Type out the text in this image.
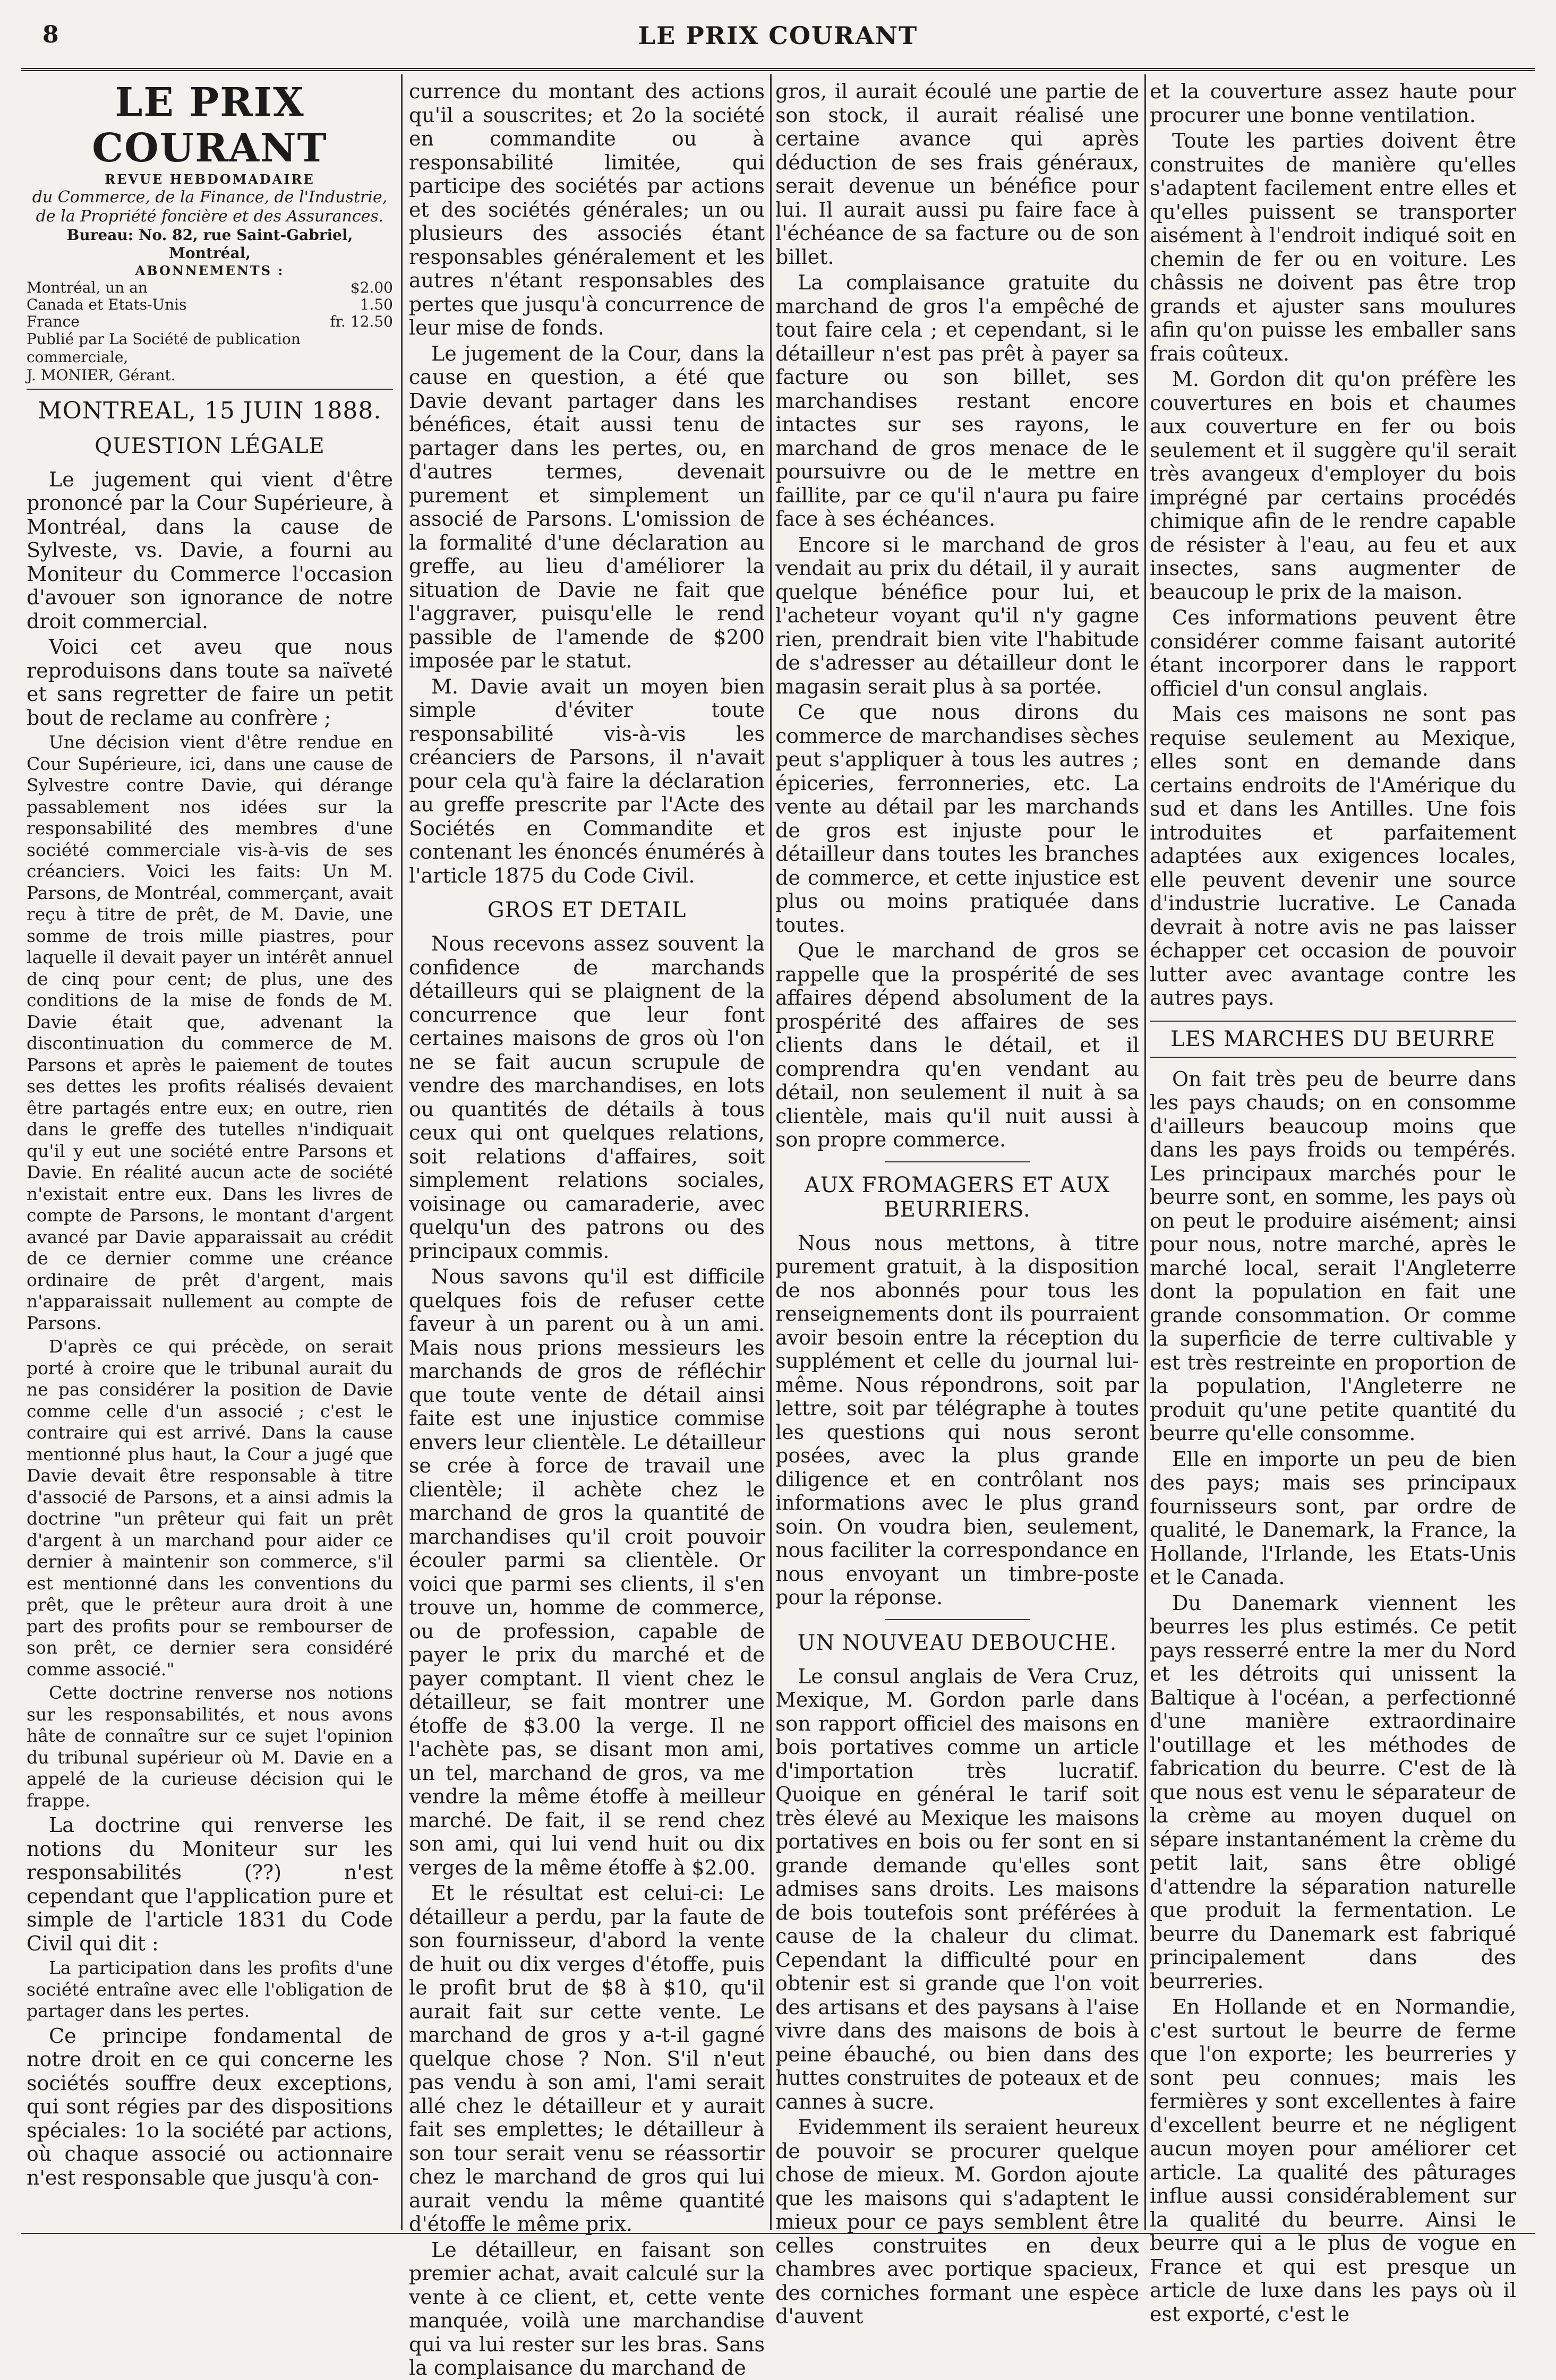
8	LE PRIX COURANT
LE PRIX COURANT
REVUE HEBDOMADAIRE
du Commerce, de la Finance, de l'Industrie, de la Propriété foncière et des Assurances.
Bureau: No. 82, rue Saint-Gabriel, Montréal,
ABONNEMENTS :
Montréal, un an	$2.00
Canada et Etats-Unis	1.50
France	fr. 12.50
Publié par La Société de publication commerciale,
J. MONIER, Gérant.
MONTREAL, 15 JUIN 1888.
QUESTION LÉGALE

Le jugement qui vient d'être prononcé par la Cour Supérieure, à Montréal, dans la cause de Sylveste, vs. Davie, a fourni au Moniteur du Commerce l'occasion d'avouer son ignorance de notre droit commercial.

Voici cet aveu que nous reproduisons dans toute sa naïveté et sans regretter de faire un petit bout de reclame au confrère ;

Une décision vient d'être rendue en Cour Supérieure, ici, dans une cause de Sylvestre contre Davie, qui dérange passablement nos idées sur la responsabilité des membres d'une société commerciale vis-à-vis de ses créanciers. Voici les faits: Un M. Parsons, de Montréal, commerçant, avait reçu à titre de prêt, de M. Davie, une somme de trois mille piastres, pour laquelle il devait payer un intérêt annuel de cinq pour cent; de plus, une des conditions de la mise de fonds de M. Davie était que, advenant la discontinuation du commerce de M. Parsons et après le paiement de toutes ses dettes les profits réalisés devaient être partagés entre eux; en outre, rien dans le greffe des tutelles n'indiquait qu'il y eut une société entre Parsons et Davie. En réalité aucun acte de société n'existait entre eux. Dans les livres de compte de Parsons, le montant d'argent avancé par Davie apparaissait au crédit de ce dernier comme une créance ordinaire de prêt d'argent, mais n'apparaissait nullement au compte de Parsons.

D'après ce qui précède, on serait porté à croire que le tribunal aurait du ne pas considérer la position de Davie comme celle d'un associé ; c'est le contraire qui est arrivé. Dans la cause mentionné plus haut, la Cour a jugé que Davie devait être responsable à titre d'associé de Parsons, et a ainsi admis la doctrine "un prêteur qui fait un prêt d'argent à un marchand pour aider ce dernier à maintenir son commerce, s'il est mentionné dans les conventions du prêt, que le prêteur aura droit à une part des profits pour se rembourser de son prêt, ce dernier sera considéré comme associé."

Cette doctrine renverse nos notions sur les responsabilités, et nous avons hâte de connaître sur ce sujet l'opinion du tribunal supérieur où M. Davie en a appelé de la curieuse décision qui le frappe.

La doctrine qui renverse les notions du Moniteur sur les responsabilités (??) n'est cependant que l'application pure et simple de l'article 1831 du Code Civil qui dit :

La participation dans les profits d'une société entraîne avec elle l'obligation de partager dans les pertes.

Ce principe fondamental de notre droit en ce qui concerne les sociétés souffre deux exceptions, qui sont régies par des dispositions spéciales: 1o la société par actions, où chaque associé ou actionnaire n'est responsable que jusqu'à con-

currence du montant des actions qu'il a souscrites; et 2o la société en commandite ou à responsabilité limitée, qui participe des sociétés par actions et des sociétés générales; un ou plusieurs des associés étant responsables généralement et les autres n'étant responsables des pertes que jusqu'à concurrence de leur mise de fonds.

Le jugement de la Cour, dans la cause en question, a été que Davie devant partager dans les bénéfices, était aussi tenu de partager dans les pertes, ou, en d'autres termes, devenait purement et simplement un associé de Parsons. L'omission de la formalité d'une déclaration au greffe, au lieu d'améliorer la situation de Davie ne fait que l'aggraver, puisqu'elle le rend passible de l'amende de $200 imposée par le statut.

M. Davie avait un moyen bien simple d'éviter toute responsabilité vis-à-vis les créanciers de Parsons, il n'avait pour cela qu'à faire la déclaration au greffe prescrite par l'Acte des Sociétés en Commandite et contenant les énoncés énumérés à l'article 1875 du Code Civil.

GROS ET DETAIL

Nous recevons assez souvent la confidence de marchands détailleurs qui se plaignent de la concurrence que leur font certaines maisons de gros où l'on ne se fait aucun scrupule de vendre des marchandises, en lots ou quantités de détails à tous ceux qui ont quelques relations, soit relations d'affaires, soit simplement relations sociales, voisinage ou camaraderie, avec quelqu'un des patrons ou des principaux commis.

Nous savons qu'il est difficile quelques fois de refuser cette faveur à un parent ou à un ami. Mais nous prions messieurs les marchands de gros de réfléchir que toute vente de détail ainsi faite est une injustice commise envers leur clientèle. Le détailleur se crée à force de travail une clientèle; il achète chez le marchand de gros la quantité de marchandises qu'il croit pouvoir écouler parmi sa clientèle. Or voici que parmi ses clients, il s'en trouve un, homme de commerce, ou de profession, capable de payer le prix du marché et de payer comptant. Il vient chez le détailleur, se fait montrer une étoffe de $3.00 la verge. Il ne l'achète pas, se disant mon ami, un tel, marchand de gros, va me vendre la même étoffe à meilleur marché. De fait, il se rend chez son ami, qui lui vend huit ou dix verges de la même étoffe à $2.00.

Et le résultat est celui-ci: Le détailleur a perdu, par la faute de son fournisseur, d'abord la vente de huit ou dix verges d'étoffe, puis le profit brut de $8 à $10, qu'il aurait fait sur cette vente. Le marchand de gros y a-t-il gagné quelque chose ? Non. S'il n'eut pas vendu à son ami, l'ami serait allé chez le détailleur et y aurait fait ses emplettes; le détailleur à son tour serait venu se réassortir chez le marchand de gros qui lui aurait vendu la même quantité d'étoffe le même prix.

Le détailleur, en faisant son premier achat, avait calculé sur la vente à ce client, et, cette vente manquée, voilà une marchandise qui va lui rester sur les bras. Sans la complaisance du marchand de

gros, il aurait écoulé une partie de son stock, il aurait réalisé une certaine avance qui après déduction de ses frais généraux, serait devenue un bénéfice pour lui. Il aurait aussi pu faire face à l'échéance de sa facture ou de son billet.

La complaisance gratuite du marchand de gros l'a empêché de tout faire cela ; et cependant, si le détailleur n'est pas prêt à payer sa facture ou son billet, ses marchandises restant encore intactes sur ses rayons, le marchand de gros menace de le poursuivre ou de le mettre en faillite, par ce qu'il n'aura pu faire face à ses échéances.

Encore si le marchand de gros vendait au prix du détail, il y aurait quelque bénéfice pour lui, et l'acheteur voyant qu'il n'y gagne rien, prendrait bien vite l'habitude de s'adresser au détailleur dont le magasin serait plus à sa portée.

Ce que nous dirons du commerce de marchandises sèches peut s'appliquer à tous les autres ; épiceries, ferronneries, etc. La vente au détail par les marchands de gros est injuste pour le détailleur dans toutes les branches de commerce, et cette injustice est plus ou moins pratiquée dans toutes.

Que le marchand de gros se rappelle que la prospérité de ses affaires dépend absolument de la prospérité des affaires de ses clients dans le détail, et il comprendra qu'en vendant au détail, non seulement il nuit à sa clientèle, mais qu'il nuit aussi à son propre commerce.

AUX FROMAGERS ET AUX BEURRIERS.

Nous nous mettons, à titre purement gratuit, à la disposition de nos abonnés pour tous les renseignements dont ils pourraient avoir besoin entre la réception du supplément et celle du journal lui-même. Nous répondrons, soit par lettre, soit par télégraphe à toutes les questions qui nous seront posées, avec la plus grande diligence et en contrôlant nos informations avec le plus grand soin. On voudra bien, seulement, nous faciliter la correspondance en nous envoyant un timbre-poste pour la réponse.

UN NOUVEAU DEBOUCHE.

Le consul anglais de Vera Cruz, Mexique, M. Gordon parle dans son rapport officiel des maisons en bois portatives comme un article d'importation très lucratif. Quoique en général le tarif soit très élevé au Mexique les maisons portatives en bois ou fer sont en si grande demande qu'elles sont admises sans droits. Les maisons de bois toutefois sont préférées à cause de la chaleur du climat. Cependant la difficulté pour en obtenir est si grande que l'on voit des artisans et des paysans à l'aise vivre dans des maisons de bois à peine ébauché, ou bien dans des huttes construites de poteaux et de cannes à sucre.

Evidemment ils seraient heureux de pouvoir se procurer quelque chose de mieux. M. Gordon ajoute que les maisons qui s'adaptent le mieux pour ce pays semblent être celles construites en deux chambres avec portique spacieux, des corniches formant une espèce d'auvent

et la couverture assez haute pour procurer une bonne ventilation.

Toute les parties doivent être construites de manière qu'elles s'adaptent facilement entre elles et qu'elles puissent se transporter aisément à l'endroit indiqué soit en chemin de fer ou en voiture. Les châssis ne doivent pas être trop grands et ajuster sans moulures afin qu'on puisse les emballer sans frais coûteux.

M. Gordon dit qu'on préfère les couvertures en bois et chaumes aux couverture en fer ou bois seulement et il suggère qu'il serait très avangeux d'employer du bois imprégné par certains procédés chimique afin de le rendre capable de résister à l'eau, au feu et aux insectes, sans augmenter de beaucoup le prix de la maison.

Ces informations peuvent être considérer comme faisant autorité étant incorporer dans le rapport officiel d'un consul anglais.

Mais ces maisons ne sont pas requise seulement au Mexique, elles sont en demande dans certains endroits de l'Amérique du sud et dans les Antilles. Une fois introduites et parfaitement adaptées aux exigences locales, elle peuvent devenir une source d'industrie lucrative. Le Canada devrait à notre avis ne pas laisser échapper cet occasion de pouvoir lutter avec avantage contre les autres pays.

LES MARCHES DU BEURRE

On fait très peu de beurre dans les pays chauds; on en consomme d'ailleurs beaucoup moins que dans les pays froids ou tempérés. Les principaux marchés pour le beurre sont, en somme, les pays où on peut le produire aisément; ainsi pour nous, notre marché, après le marché local, serait l'Angleterre dont la population en fait une grande consommation. Or comme la superficie de terre cultivable y est très restreinte en proportion de la population, l'Angleterre ne produit qu'une petite quantité du beurre qu'elle consomme.

Elle en importe un peu de bien des pays; mais ses principaux fournisseurs sont, par ordre de qualité, le Danemark, la France, la Hollande, l'Irlande, les Etats-Unis et le Canada.

Du Danemark viennent les beurres les plus estimés. Ce petit pays resserré entre la mer du Nord et les détroits qui unissent la Baltique à l'océan, a perfectionné d'une manière extraordinaire l'outillage et les méthodes de fabrication du beurre. C'est de là que nous est venu le séparateur de la crème au moyen duquel on sépare instantanément la crème du petit lait, sans être obligé d'attendre la séparation naturelle que produit la fermentation. Le beurre du Danemark est fabriqué principalement dans des beurreries.

En Hollande et en Normandie, c'est surtout le beurre de ferme que l'on exporte; les beurreries y sont peu connues; mais les fermières y sont excellentes à faire d'excellent beurre et ne négligent aucun moyen pour améliorer cet article. La qualité des pâturages influe aussi considérablement sur la qualité du beurre. Ainsi le beurre qui a le plus de vogue en France et qui est presque un article de luxe dans les pays où il est exporté, c'est le
